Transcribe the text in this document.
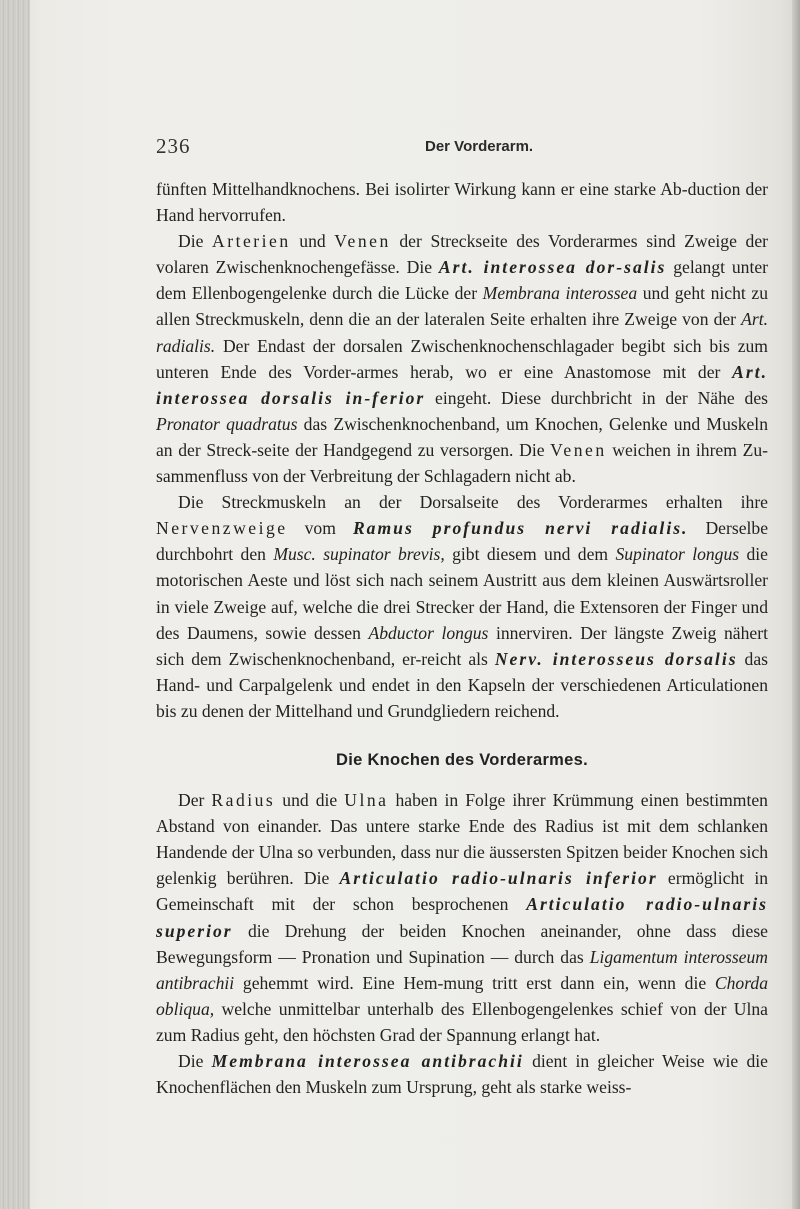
236	Der Vorderarm.

fünften Mittelhandknochens. Bei isolirter Wirkung kann er eine starke Ab-duction der Hand hervorrufen.

Die Arterien und Venen der Streckseite des Vorderarmes sind Zweige der volaren Zwischenknochengefässe. Die Art. interossea dor-salis gelangt unter dem Ellenbogengelenke durch die Lücke der Membrana interossea und geht nicht zu allen Streckmuskeln, denn die an der lateralen Seite erhalten ihre Zweige von der Art. radialis. Der Endast der dorsalen Zwischenknochenschlagader begibt sich bis zum unteren Ende des Vorder-armes herab, wo er eine Anastomose mit der Art. interossea dorsalis in-ferior eingeht. Diese durchbricht in der Nähe des Pronator quadratus das Zwischenknochenband, um Knochen, Gelenke und Muskeln an der Streck-seite der Handgegend zu versorgen. Die Venen weichen in ihrem Zu-sammenfluss von der Verbreitung der Schlagadern nicht ab.

Die Streckmuskeln an der Dorsalseite des Vorderarmes erhalten ihre Nervenzweige vom Ramus profundus nervi radialis. Derselbe durchbohrt den Musc. supinator brevis, gibt diesem und dem Supinator longus die motorischen Aeste und löst sich nach seinem Austritt aus dem kleinen Auswärtsroller in viele Zweige auf, welche die drei Strecker der Hand, die Extensoren der Finger und des Daumens, sowie dessen Abductor longus innerviren. Der längste Zweig nähert sich dem Zwischenknochenband, er-reicht als Nerv. interosseus dorsalis das Hand- und Carpalgelenk und endet in den Kapseln der verschiedenen Articulationen bis zu denen der Mittelhand und Grundgliedern reichend.

Die Knochen des Vorderarmes.

Der Radius und die Ulna haben in Folge ihrer Krümmung einen bestimmten Abstand von einander. Das untere starke Ende des Radius ist mit dem schlanken Handende der Ulna so verbunden, dass nur die äussersten Spitzen beider Knochen sich gelenkig berühren. Die Articulatio radio-ulnaris inferior ermöglicht in Gemeinschaft mit der schon besprochenen Articulatio radio-ulnaris superior die Drehung der beiden Knochen aneinander, ohne dass diese Bewegungsform — Pronation und Supination — durch das Ligamentum interosseum antibrachii gehemmt wird. Eine Hem-mung tritt erst dann ein, wenn die Chorda obliqua, welche unmittelbar unterhalb des Ellenbogengelenkes schief von der Ulna zum Radius geht, den höchsten Grad der Spannung erlangt hat.

Die Membrana interossea antibrachii dient in gleicher Weise wie die Knochenflächen den Muskeln zum Ursprung, geht als starke weiss-
